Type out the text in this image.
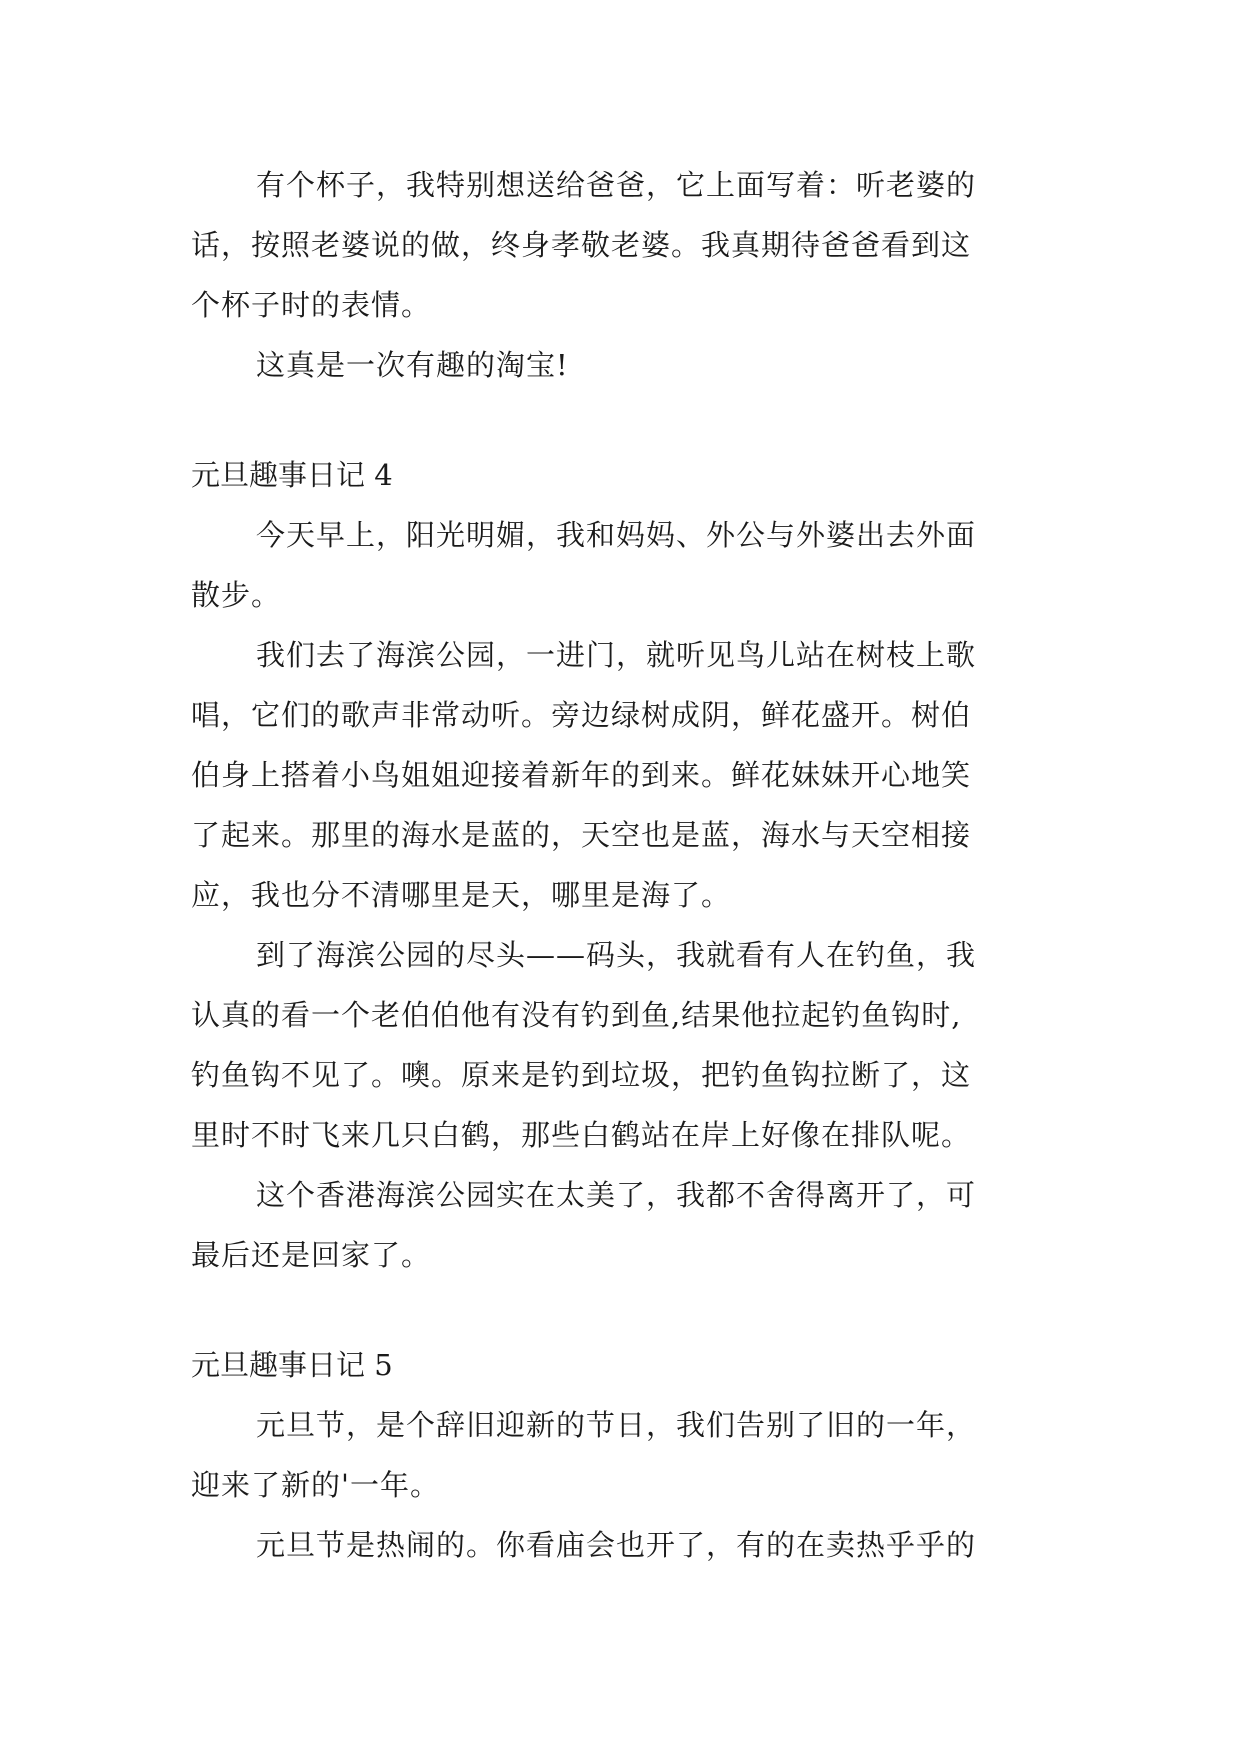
有个杯子，我特别想送给爸爸，它上面写着：听老婆的
话，按照老婆说的做，终身孝敬老婆。我真期待爸爸看到这
个杯子时的表情。
这真是一次有趣的淘宝!
元旦趣事日记 4
今天早上，阳光明媚，我和妈妈、外公与外婆出去外面
散步。
我们去了海滨公园，一进门，就听见鸟儿站在树枝上歌
唱，它们的歌声非常动听。旁边绿树成阴，鲜花盛开。树伯
伯身上搭着小鸟姐姐迎接着新年的到来。鲜花妹妹开心地笑
了起来。那里的海水是蓝的，天空也是蓝，海水与天空相接
应，我也分不清哪里是天，哪里是海了。
到了海滨公园的尽头——码头，我就看有人在钓鱼，我
认真的看一个老伯伯他有没有钓到鱼,结果他拉起钓鱼钩时,
钓鱼钩不见了。噢。原来是钓到垃圾，把钓鱼钩拉断了，这
里时不时飞来几只白鹤，那些白鹤站在岸上好像在排队呢。
这个香港海滨公园实在太美了，我都不舍得离开了，可
最后还是回家了。
元旦趣事日记 5
元旦节，是个辞旧迎新的节日，我们告别了旧的一年，
迎来了新的'一年。
元旦节是热闹的。你看庙会也开了，有的在卖热乎乎的
